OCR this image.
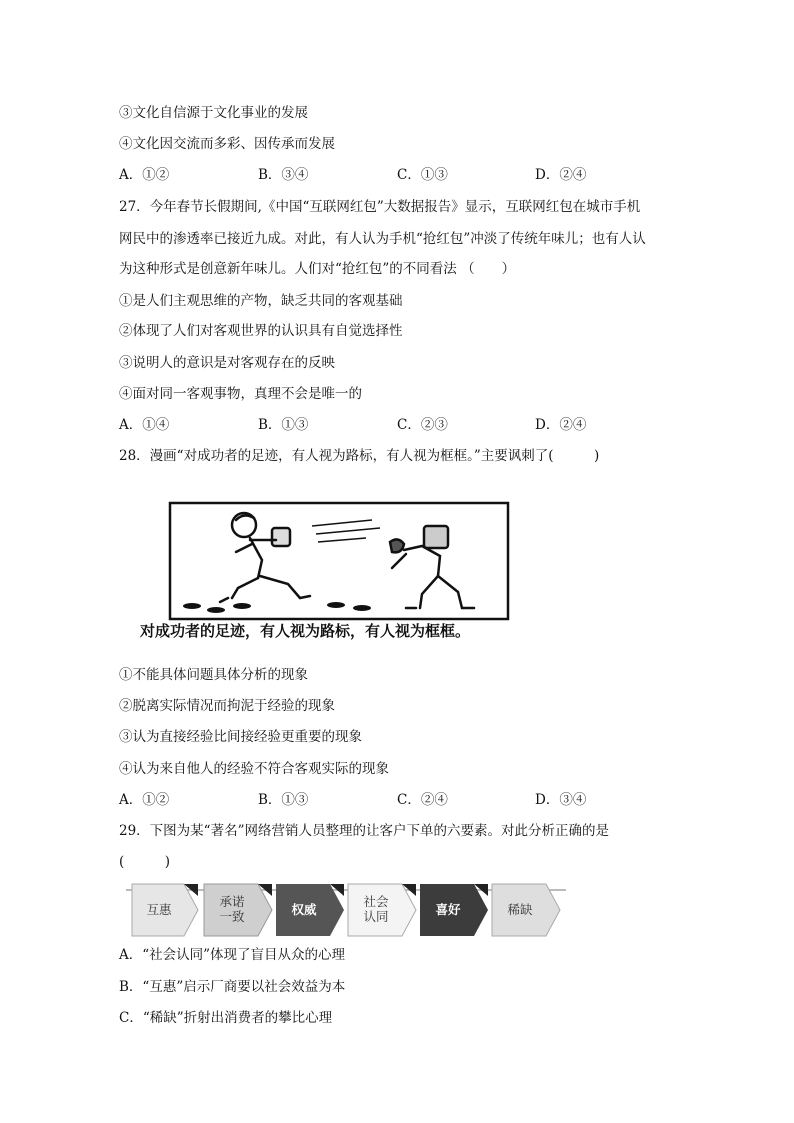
③文化自信源于文化事业的发展
④文化因交流而多彩、因传承而发展
A．①②	B．③④	C．①③	D．②④
27．今年春节长假期间,《中国“互联网红包”大数据报告》显示，互联网红包在城市手机
网民中的渗透率已接近九成。对此，有人认为手机“抢红包”冲淡了传统年味儿；也有人认
为这种形式是创意新年味儿。人们对“抢红包”的不同看法 （　　）
①是人们主观思维的产物，缺乏共同的客观基础
②体现了人们对客观世界的认识具有自觉选择性
③说明人的意识是对客观存在的反映
④面对同一客观事物，真理不会是唯一的
A．①④	B．①③	C．②③	D．②④
28．漫画“对成功者的足迹，有人视为路标，有人视为框框。”主要讽刺了(　　　)
对成功者的足迹，有人视为路标，有人视为框框。
①不能具体问题具体分析的现象
②脱离实际情况而拘泥于经验的现象
③认为直接经验比间接经验更重要的现象
④认为来自他人的经验不符合客观实际的现象
A．①②	B．①③	C．②④	D．③④
29．下图为某“著名”网络营销人员整理的让客户下单的六要素。对此分析正确的是
(　　　)
互惠	承诺
一致	权威	社会
认同	喜好	稀缺
A．“社会认同”体现了盲目从众的心理
B．“互惠”启示厂商要以社会效益为本
C．“稀缺”折射出消费者的攀比心理
